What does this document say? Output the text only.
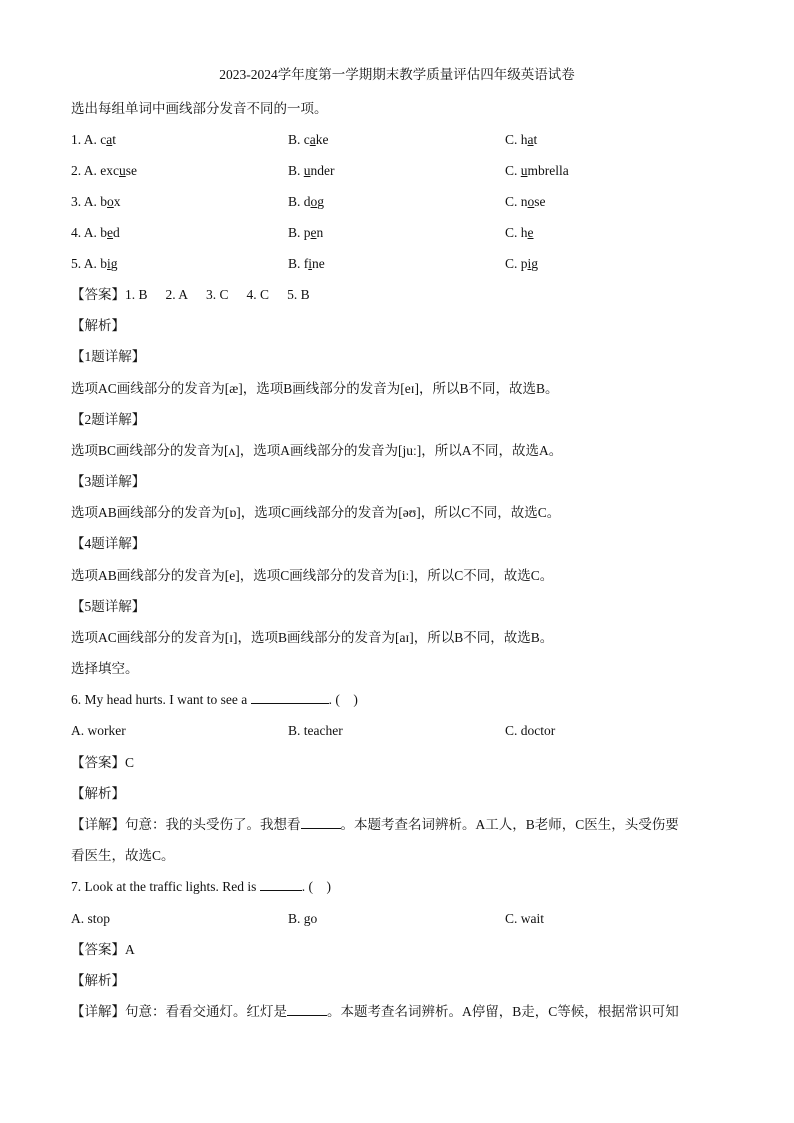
2023-2024学年度第一学期期末教学质量评估四年级英语试卷
选出每组单词中画线部分发音不同的一项。
1. A. cat	B. cake	C. hat
2. A. excuse	B. under	C. umbrella
3. A. box	B. dog	C. nose
4. A. bed	B. pen	C. he
5. A. big	B. fine	C. pig
【答案】1. B 2. A 3. C 4. C 5. B
【解析】
【1题详解】
选项AC画线部分的发音为[æ]，选项B画线部分的发音为[eɪ]，所以B不同，故选B。
【2题详解】
选项BC画线部分的发音为[ʌ]，选项A画线部分的发音为[juː]，所以A不同，故选A。
【3题详解】
选项AB画线部分的发音为[ɒ]，选项C画线部分的发音为[əʊ]，所以C不同，故选C。
【4题详解】
选项AB画线部分的发音为[e]，选项C画线部分的发音为[iː]，所以C不同，故选C。
【5题详解】
选项AC画线部分的发音为[ɪ]，选项B画线部分的发音为[aɪ]，所以B不同，故选B。
选择填空。
6. My head hurts. I want to see a	. (　)
A. worker	B. teacher	C. doctor
【答案】C
【解析】
【详解】句意：我的头受伤了。我想看	。本题考查名词辨析。A工人，B老师，C医生，头受伤要
看医生，故选C。
7. Look at the traffic lights. Red is	. (　)
A. stop	B. go	C. wait
【答案】A
【解析】
【详解】句意：看看交通灯。红灯是	。本题考查名词辨析。A停留，B走，C等候，根据常识可知
